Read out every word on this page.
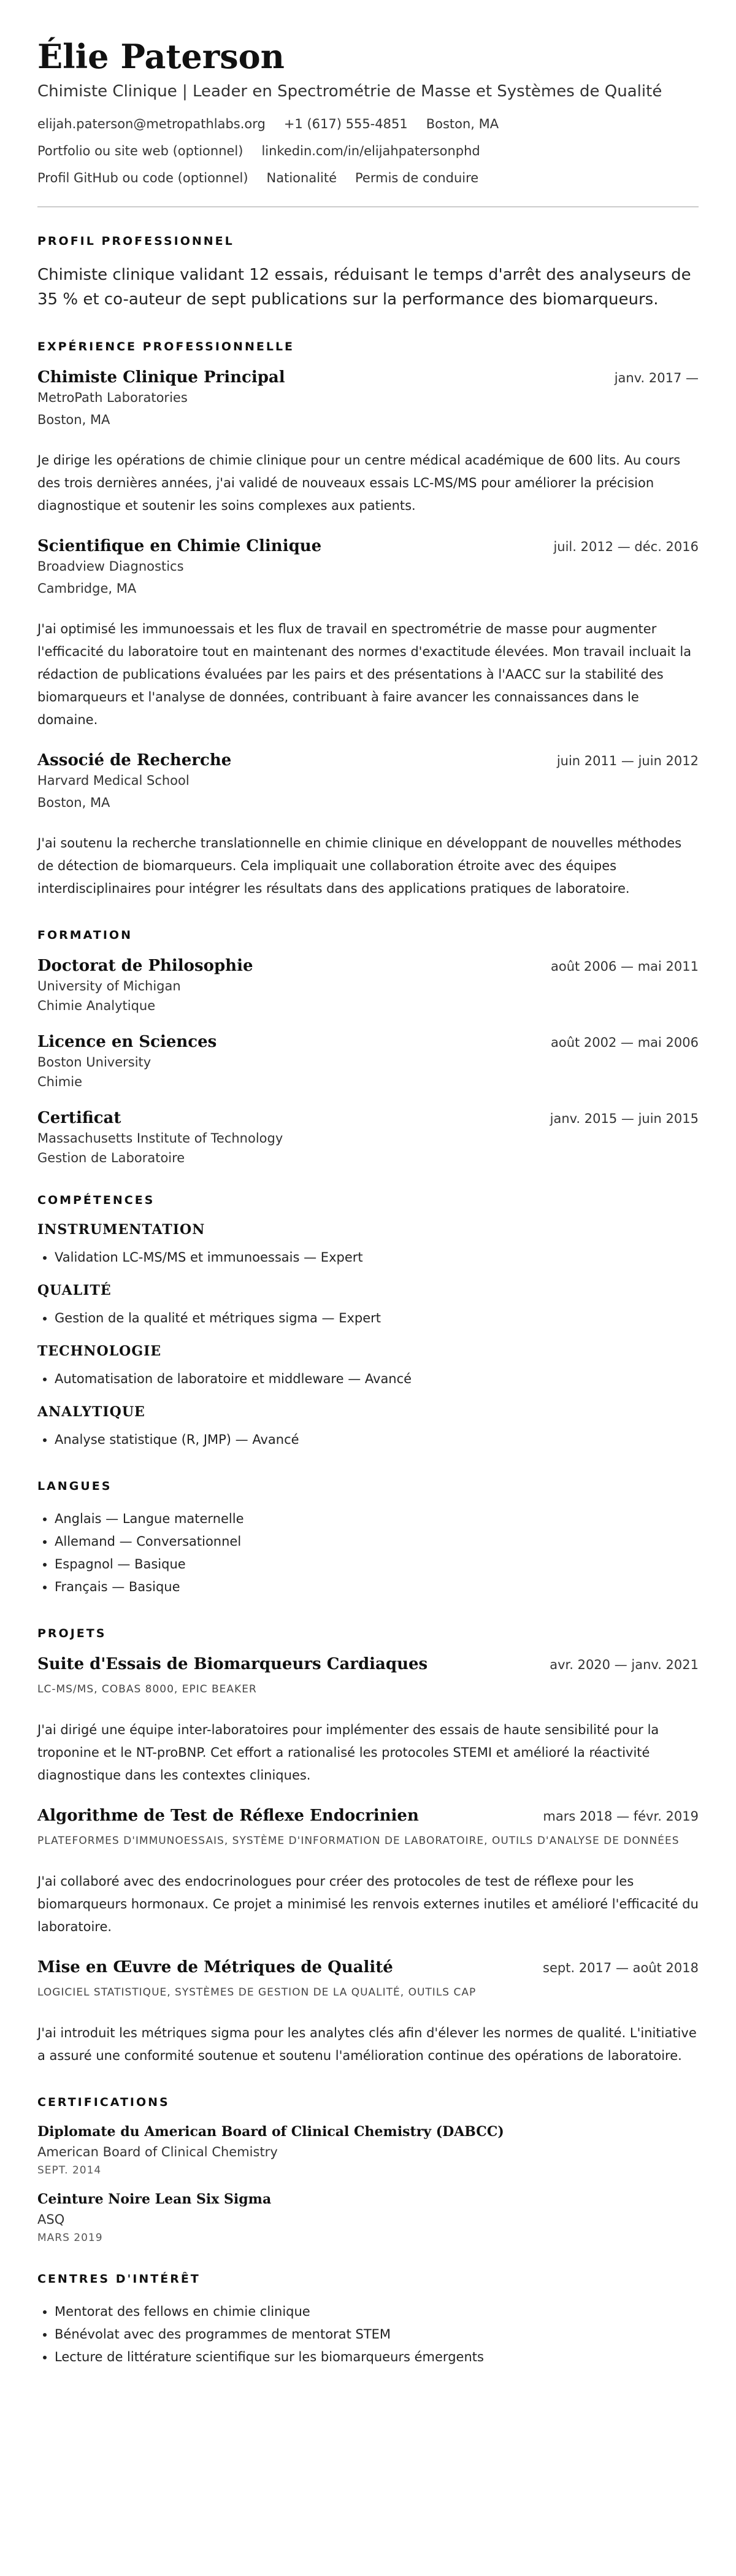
Élie Paterson
Chimiste Clinique | Leader en Spectrométrie de Masse et Systèmes de Qualité
elijah.paterson@metropathlabs.org +1 (617) 555-4851 Boston, MA
Portfolio ou site web (optionnel) linkedin.com/in/elijahpatersonphd
Profil GitHub ou code (optionnel) Nationalité Permis de conduire
PROFIL PROFESSIONNEL

Chimiste clinique validant 12 essais, réduisant le temps d'arrêt des analyseurs de 35 % et co-auteur de sept publications sur la performance des biomarqueurs.

EXPÉRIENCE PROFESSIONNELLE
Chimiste Clinique Principal	janv. 2017 —
MetroPath Laboratories
Boston, MA
Je dirige les opérations de chimie clinique pour un centre médical académique de 600 lits. Au cours des trois dernières années, j'ai validé de nouveaux essais LC-MS/MS pour améliorer la précision diagnostique et soutenir les soins complexes aux patients.
Scientifique en Chimie Clinique	juil. 2012 — déc. 2016
Broadview Diagnostics
Cambridge, MA
J'ai optimisé les immunoessais et les flux de travail en spectrométrie de masse pour augmenter l'efficacité du laboratoire tout en maintenant des normes d'exactitude élevées. Mon travail incluait la rédaction de publications évaluées par les pairs et des présentations à l'AACC sur la stabilité des biomarqueurs et l'analyse de données, contribuant à faire avancer les connaissances dans le domaine.
Associé de Recherche	juin 2011 — juin 2012
Harvard Medical School
Boston, MA
J'ai soutenu la recherche translationnelle en chimie clinique en développant de nouvelles méthodes de détection de biomarqueurs. Cela impliquait une collaboration étroite avec des équipes interdisciplinaires pour intégrer les résultats dans des applications pratiques de laboratoire.
FORMATION
Doctorat de Philosophie	août 2006 — mai 2011
University of Michigan
Chimie Analytique
Licence en Sciences	août 2002 — mai 2006
Boston University
Chimie
Certificat	janv. 2015 — juin 2015
Massachusetts Institute of Technology
Gestion de Laboratoire
COMPÉTENCES
INSTRUMENTATION
• Validation LC-MS/MS et immunoessais — Expert
QUALITÉ
• Gestion de la qualité et métriques sigma — Expert
TECHNOLOGIE
• Automatisation de laboratoire et middleware — Avancé
ANALYTIQUE
• Analyse statistique (R, JMP) — Avancé
LANGUES
• Anglais — Langue maternelle
• Allemand — Conversationnel
• Espagnol — Basique
• Français — Basique
PROJETS
Suite d'Essais de Biomarqueurs Cardiaques	avr. 2020 — janv. 2021
LC-MS/MS, COBAS 8000, EPIC BEAKER
J'ai dirigé une équipe inter-laboratoires pour implémenter des essais de haute sensibilité pour la troponine et le NT-proBNP. Cet effort a rationalisé les protocoles STEMI et amélioré la réactivité diagnostique dans les contextes cliniques.
Algorithme de Test de Réflexe Endocrinien	mars 2018 — févr. 2019
PLATEFORMES D'IMMUNOESSAIS, SYSTÈME D'INFORMATION DE LABORATOIRE, OUTILS D'ANALYSE DE DONNÉES
J'ai collaboré avec des endocrinologues pour créer des protocoles de test de réflexe pour les biomarqueurs hormonaux. Ce projet a minimisé les renvois externes inutiles et amélioré l'efficacité du laboratoire.
Mise en Œuvre de Métriques de Qualité	sept. 2017 — août 2018
LOGICIEL STATISTIQUE, SYSTÈMES DE GESTION DE LA QUALITÉ, OUTILS CAP
J'ai introduit les métriques sigma pour les analytes clés afin d'élever les normes de qualité. L'initiative a assuré une conformité soutenue et soutenu l'amélioration continue des opérations de laboratoire.
CERTIFICATIONS
Diplomate du American Board of Clinical Chemistry (DABCC)
American Board of Clinical Chemistry
SEPT. 2014
Ceinture Noire Lean Six Sigma
ASQ
MARS 2019
CENTRES D'INTÉRÊT
• Mentorat des fellows en chimie clinique
• Bénévolat avec des programmes de mentorat STEM
• Lecture de littérature scientifique sur les biomarqueurs émergents
